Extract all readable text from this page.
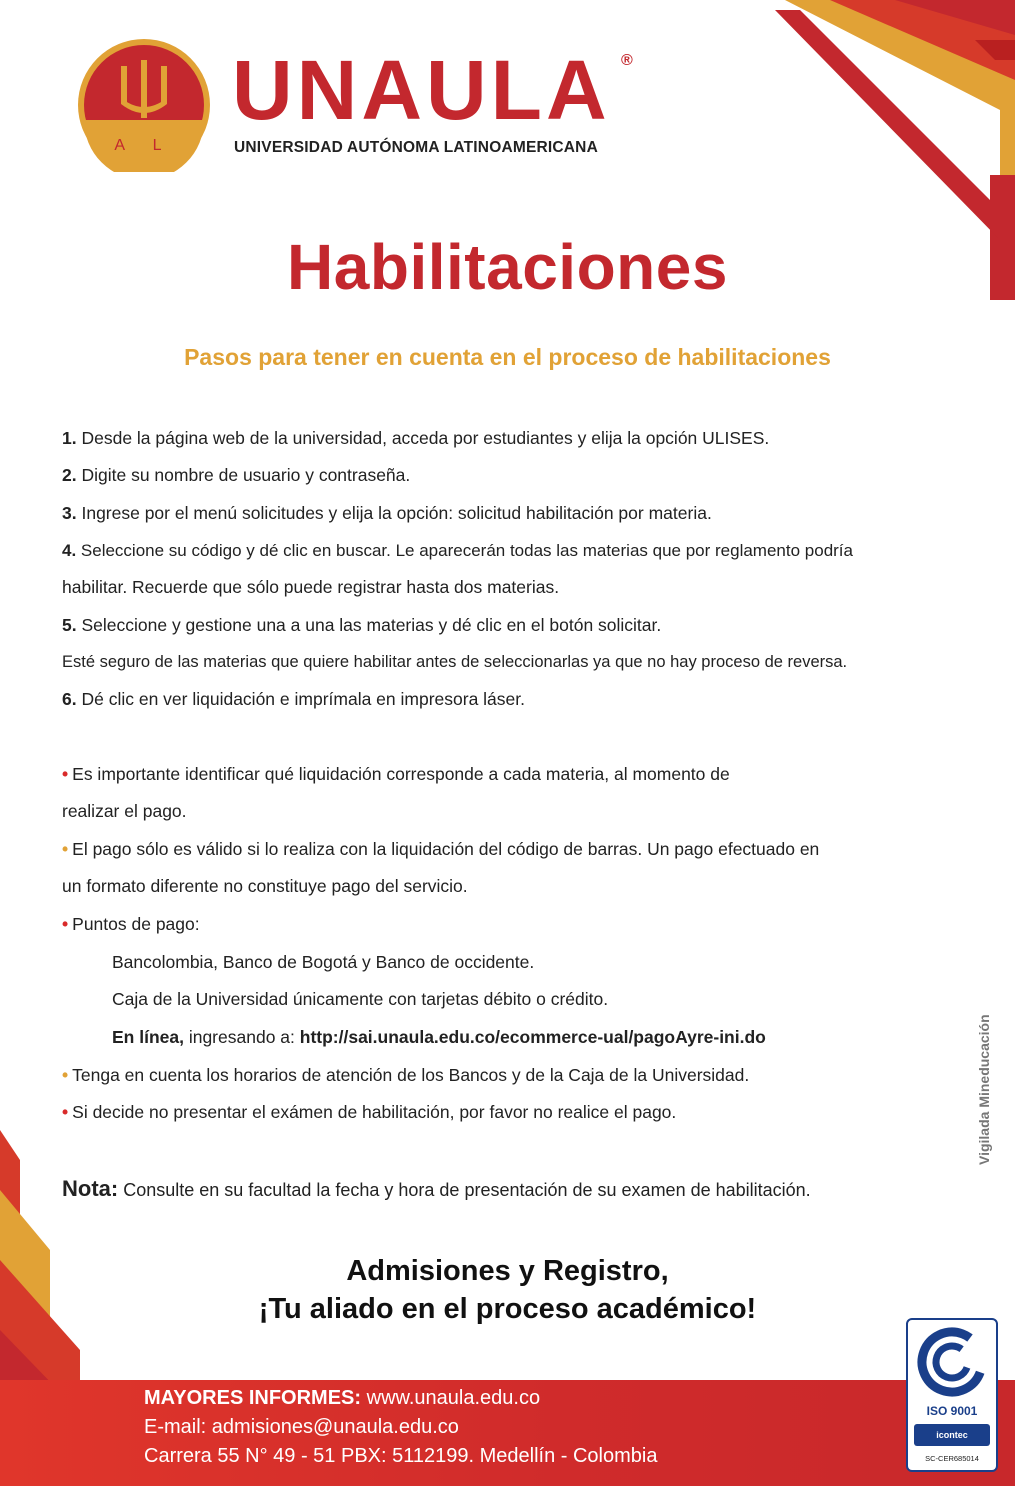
A L
UNAULA ®
UNIVERSIDAD AUTÓNOMA LATINOAMERICANA
Habilitaciones
Pasos para tener en cuenta en el proceso de habilitaciones
1. Desde la página web de la universidad, acceda por estudiantes y elija la opción ULISES.
2. Digite su nombre de usuario y contraseña.
3. Ingrese por el menú solicitudes y elija la opción: solicitud habilitación por materia.
4. Seleccione su código y dé clic en buscar. Le aparecerán todas las materias que por reglamento podría
habilitar. Recuerde que sólo puede registrar hasta dos materias.
5. Seleccione y gestione una a una las materias y dé clic en el botón solicitar.
Esté seguro de las materias que quiere habilitar antes de seleccionarlas ya que no hay proceso de reversa.
6. Dé clic en ver liquidación e imprímala en impresora láser.
• Es importante identificar qué liquidación corresponde a cada materia, al momento de
realizar el pago.
• El pago sólo es válido si lo realiza con la liquidación del código de barras. Un pago efectuado en
un formato diferente no constituye pago del servicio.
• Puntos de pago:
Bancolombia, Banco de Bogotá y Banco de occidente.
Caja de la Universidad únicamente con tarjetas débito o crédito.
En línea, ingresando a: http://sai.unaula.edu.co/ecommerce-ual/pagoAyre-ini.do
• Tenga en cuenta los horarios de atención de los Bancos y de la Caja de la Universidad.
• Si decide no presentar el exámen de habilitación, por favor no realice el pago.
Nota: Consulte en su facultad la fecha y hora de presentación de su examen de habilitación.
Admisiones y Registro,
¡Tu aliado en el proceso académico!
Vigilada Mineducación
MAYORES INFORMES: www.unaula.edu.co
E-mail: admisiones@unaula.edu.co
Carrera 55 N° 49 - 51 PBX: 5112199. Medellín - Colombia
ISO 9001
icontec
SC-CER685014
